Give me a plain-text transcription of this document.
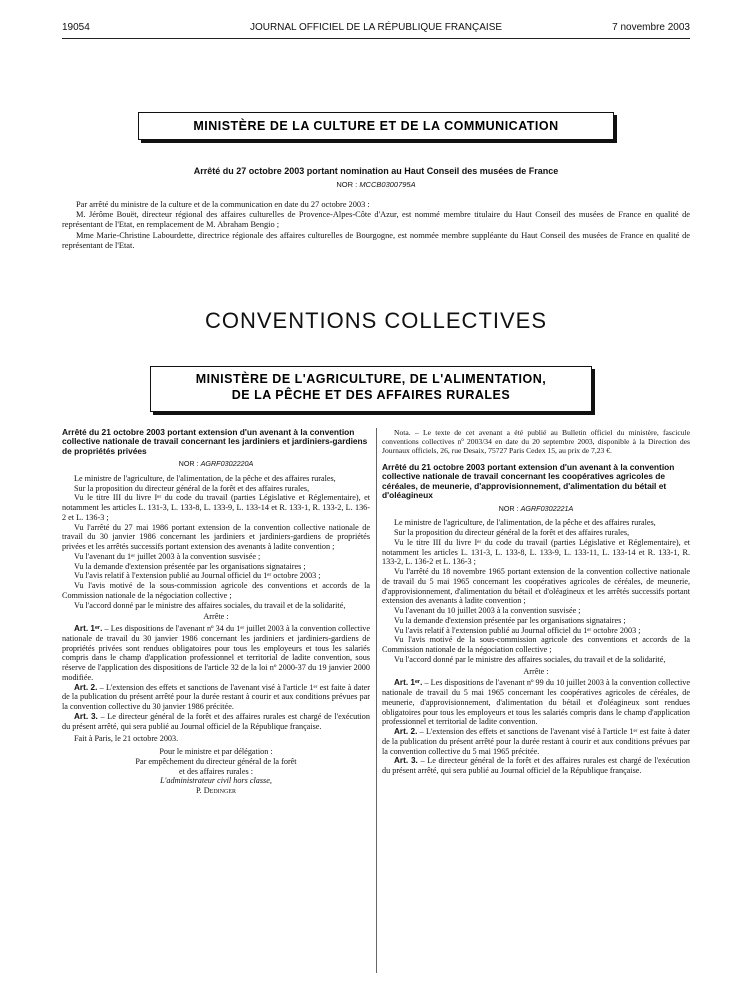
19054	JOURNAL OFFICIEL DE LA RÉPUBLIQUE FRANÇAISE	7 novembre 2003
MINISTÈRE DE LA CULTURE ET DE LA COMMUNICATION
Arrêté du 27 octobre 2003 portant nomination au Haut Conseil des musées de France
NOR : MCCB0300795A

Par arrêté du ministre de la culture et de la communication en date du 27 octobre 2003 :

M. Jérôme Bouët, directeur régional des affaires culturelles de Provence-Alpes-Côte d'Azur, est nommé membre titulaire du Haut Conseil des musées de France en qualité de représentant de l'Etat, en remplacement de M. Abraham Bengio ;

Mme Marie-Christine Labourdette, directrice régionale des affaires culturelles de Bourgogne, est nommée membre suppléante du Haut Conseil des musées de France en qualité de représentant de l'Etat.

CONVENTIONS COLLECTIVES
MINISTÈRE DE L'AGRICULTURE, DE L'ALIMENTATION,
DE LA PÊCHE ET DES AFFAIRES RURALES

Arrêté du 21 octobre 2003 portant extension d'un avenant à la convention collective nationale de travail concernant les jardiniers et jardiniers-gardiens de propriétés privées

NOR : AGRF0302220A

Le ministre de l'agriculture, de l'alimentation, de la pêche et des affaires rurales,

Sur la proposition du directeur général de la forêt et des affaires rurales,

Vu le titre III du livre Iᵉʳ du code du travail (parties Législative et Réglementaire), et notamment les articles L. 131-3, L. 133-8, L. 133-9, L. 133-14 et R. 133-1, R. 133-2, L. 136-2 et L. 136-3 ;

Vu l'arrêté du 27 mai 1986 portant extension de la convention collective nationale de travail du 30 janvier 1986 concernant les jardiniers et jardiniers-gardiens de propriétés privées et les arrêtés successifs portant extension des avenants à ladite convention ;

Vu l'avenant du 1ᵉʳ juillet 2003 à la convention susvisée ;

Vu la demande d'extension présentée par les organisations signataires ;

Vu l'avis relatif à l'extension publié au Journal officiel du 1ᵉʳ octobre 2003 ;

Vu l'avis motivé de la sous-commission agricole des conventions et accords de la Commission nationale de la négociation collective ;

Vu l'accord donné par le ministre des affaires sociales, du travail et de la solidarité,

Arrête :

Art. 1ᵉʳ. – Les dispositions de l'avenant nº 34 du 1ᵉʳ juillet 2003 à la convention collective nationale de travail du 30 janvier 1986 concernant les jardiniers et jardiniers-gardiens de propriétés privées sont rendues obligatoires pour tous les employeurs et tous les salariés compris dans le champ d'application professionnel et territorial de ladite convention, sous réserve de l'application des dispositions de l'article 32 de la loi nº 2000-37 du 19 janvier 2000 modifiée.

Art. 2. – L'extension des effets et sanctions de l'avenant visé à l'article 1ᵉʳ est faite à dater de la publication du présent arrêté pour la durée restant à courir et aux conditions prévues par la convention collective du 30 janvier 1986 précitée.

Art. 3. – Le directeur général de la forêt et des affaires rurales est chargé de l'exécution du présent arrêté, qui sera publié au Journal officiel de la République française.

Fait à Paris, le 21 octobre 2003.

Pour le ministre et par délégation :

Par empêchement du directeur général de la forêt

et des affaires rurales :

L'administrateur civil hors classe,

P. Dedinger

Nota. – Le texte de cet avenant a été publié au Bulletin officiel du ministère, fascicule conventions collectives nº 2003/34 en date du 20 septembre 2003, disponible à la Direction des Journaux officiels, 26, rue Desaix, 75727 Paris Cedex 15, au prix de 7,23 €.

Arrêté du 21 octobre 2003 portant extension d'un avenant à la convention collective nationale de travail concernant les coopératives agricoles de céréales, de meunerie, d'approvisionnement, d'alimentation du bétail et d'oléagineux

NOR : AGRF0302221A

Le ministre de l'agriculture, de l'alimentation, de la pêche et des affaires rurales,

Sur la proposition du directeur général de la forêt et des affaires rurales,

Vu le titre III du livre Iᵉʳ du code du travail (parties Législative et Réglementaire), et notamment les articles L. 131-3, L. 133-8, L. 133-9, L. 133-11, L. 133-14 et R. 133-1, R. 133-2, L. 136-2 et L. 136-3 ;

Vu l'arrêté du 18 novembre 1965 portant extension de la convention collective nationale de travail du 5 mai 1965 concernant les coopératives agricoles de céréales, de meunerie, d'approvisionnement, d'alimentation du bétail et d'oléagineux et les arrêtés successifs portant extension des avenants à ladite convention ;

Vu l'avenant du 10 juillet 2003 à la convention susvisée ;

Vu la demande d'extension présentée par les organisations signataires ;

Vu l'avis relatif à l'extension publié au Journal officiel du 1ᵉʳ octobre 2003 ;

Vu l'avis motivé de la sous-commission agricole des conventions et accords de la Commission nationale de la négociation collective ;

Vu l'accord donné par le ministre des affaires sociales, du travail et de la solidarité,

Arrête :

Art. 1ᵉʳ. – Les dispositions de l'avenant nº 99 du 10 juillet 2003 à la convention collective nationale de travail du 5 mai 1965 concernant les coopératives agricoles de céréales, de meunerie, d'approvisionnement, d'alimentation du bétail et d'oléagineux sont rendues obligatoires pour tous les employeurs et tous les salariés compris dans le champ d'application professionnel et territorial de ladite convention.

Art. 2. – L'extension des effets et sanctions de l'avenant visé à l'article 1ᵉʳ est faite à dater de la publication du présent arrêté pour la durée restant à courir et aux conditions prévues par la convention collective du 5 mai 1965 précitée.

Art. 3. – Le directeur général de la forêt et des affaires rurales est chargé de l'exécution du présent arrêté, qui sera publié au Journal officiel de la République française.
